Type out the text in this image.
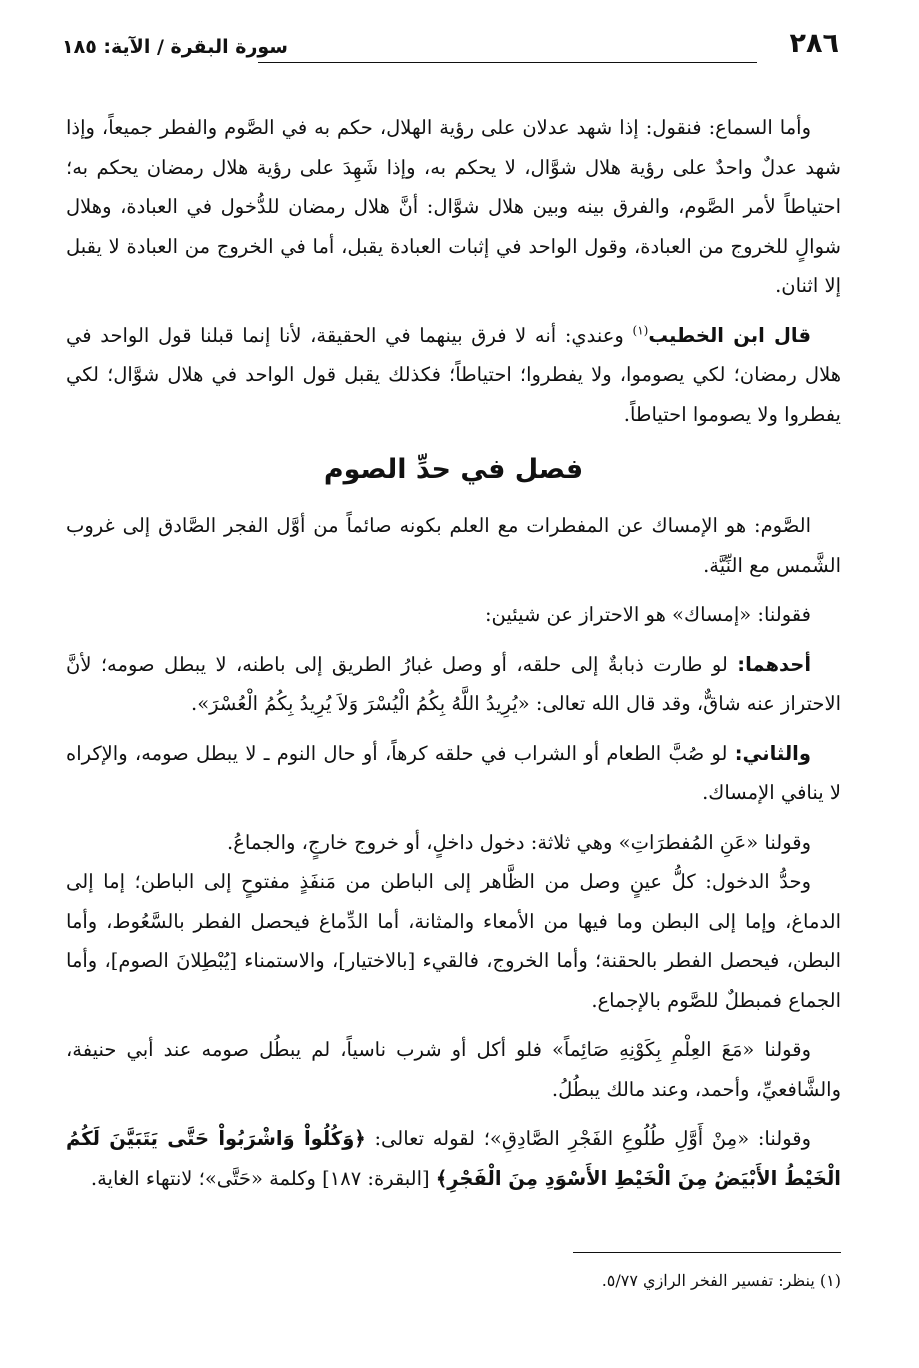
٢٨٦
سورة البقرة / الآية: ١٨٥

وأما السماع: فنقول: إذا شهد عدلان على رؤية الهلال، حكم به في الصَّوم والفطر جميعاً، وإذا شهد عدلٌ واحدٌ على رؤية هلال شوَّال، لا يحكم به، وإذا شَهِدَ على رؤية هلال رمضان يحكم به؛ احتياطاً لأمر الصَّوم، والفرق بينه وبين هلال شوَّال: أنَّ هلال رمضان للدُّخول في العبادة، وهلال شوالٍ للخروج من العبادة، وقول الواحد في إثبات العبادة يقبل، أما في الخروج من العبادة لا يقبل إلا اثنان.

قال ابن الخطيب$^{(١)}$ وعندي: أنه لا فرق بينهما في الحقيقة، لأنا إنما قبلنا قول الواحد في هلال رمضان؛ لكي يصوموا، ولا يفطروا؛ احتياطاً؛ فكذلك يقبل قول الواحد في هلال شوَّال؛ لكي يفطروا ولا يصوموا احتياطاً.

فصل في حدِّ الصوم

الصَّوم: هو الإمساك عن المفطرات مع العلم بكونه صائماً من أوَّل الفجر الصَّادق إلى غروب الشَّمس مع النِّيَّة.

فقولنا: «إمساك» هو الاحتراز عن شيئين:

أحدهما: لو طارت ذبابةٌ إلى حلقه، أو وصل غبارُ الطريق إلى باطنه، لا يبطل صومه؛ لأنَّ الاحتراز عنه شاقٌّ، وقد قال الله تعالى: «يُرِيدُ اللَّهُ بِكُمُ الْيُسْرَ وَلاَ يُرِيدُ بِكُمُ الْعُسْرَ».

والثاني: لو صُبَّ الطعام أو الشراب في حلقه كرهاً، أو حال النوم ـ لا يبطل صومه، والإكراه لا ينافي الإمساك.

وقولنا «عَنِ المُفطرَاتِ» وهي ثلاثة: دخول داخلٍ، أو خروج خارجٍ، والجماعُ.

وحدُّ الدخول: كلُّ عينٍ وصل من الظَّاهر إلى الباطن من مَنفَذٍ مفتوحٍ إلى الباطن؛ إما إلى الدماغ، وإما إلى البطن وما فيها من الأمعاء والمثانة، أما الدِّماغ فيحصل الفطر بالسَّعُوط، وأما البطن، فيحصل الفطر بالحقنة؛ وأما الخروج، فالقيء [بالاختيار]، والاستمناء [يُبْطِلانَ الصوم]، وأما الجماع فمبطلٌ للصَّوم بالإجماع.

وقولنا «مَعَ العِلْمِ بِكَوْنِهِ صَائِماً» فلو أكل أو شرب ناسياً، لم يبطُل صومه عند أبي حنيفة، والشَّافعيِّ، وأحمد، وعند مالك يبطُلُ.

وقولنا: «مِنْ أَوَّلِ طُلُوعِ الفَجْرِ الصَّادِقِ»؛ لقوله تعالى: ﴿وَكُلُواْ وَاشْرَبُواْ حَتَّى يَتَبَيَّنَ لَكُمُ الْخَيْطُ الأَبْيَضُ مِنَ الْخَيْطِ الأَسْوَدِ مِنَ الْفَجْرِ﴾ [البقرة: ١٨٧] وكلمة «حَتَّى»؛ لانتهاء الغاية.

(١) ينظر: تفسير الفخر الرازي ٥/٧٧.
